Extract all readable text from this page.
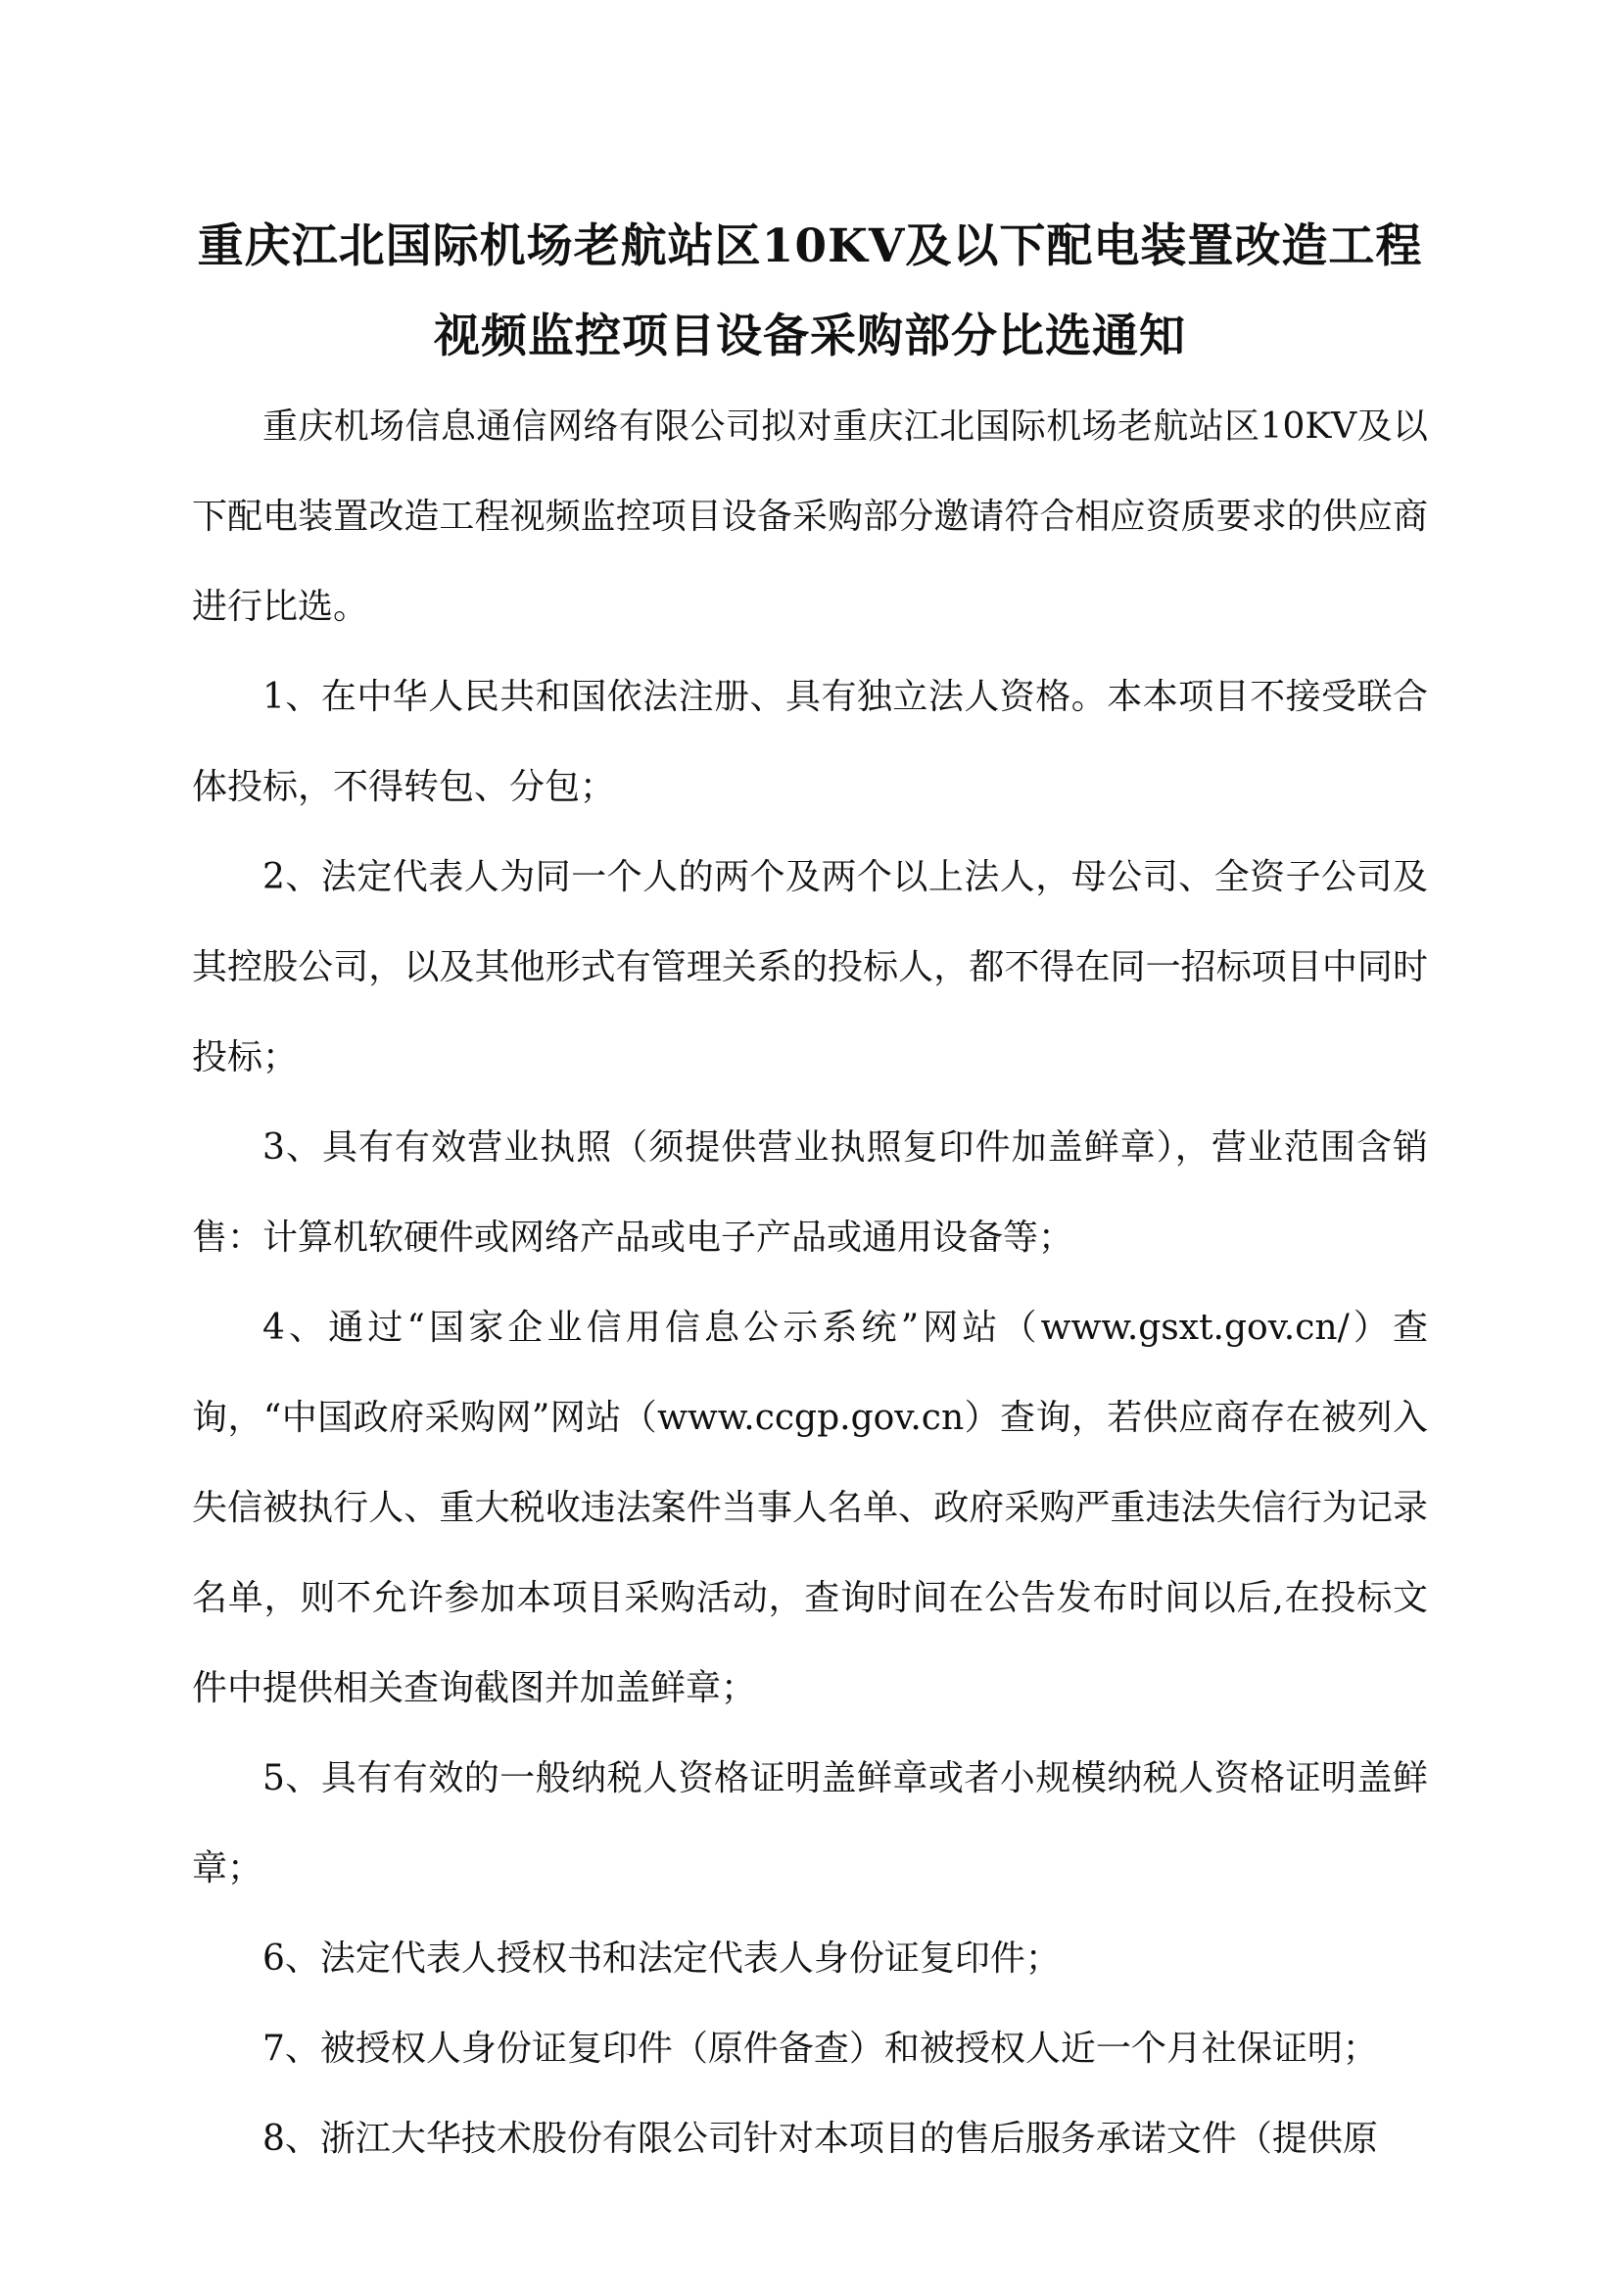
重庆江北国际机场老航站区10KV及以下配电装置改造工程
视频监控项目设备采购部分比选通知

重庆机场信息通信网络有限公司拟对重庆江北国际机场老航站区10KV及以下配电装置改造工程视频监控项目设备采购部分邀请符合相应资质要求的供应商进行比选。

1、在中华人民共和国依法注册、具有独立法人资格。本本项目不接受联合体投标，不得转包、分包；

2、法定代表人为同一个人的两个及两个以上法人，母公司、全资子公司及其控股公司，以及其他形式有管理关系的投标人，都不得在同一招标项目中同时投标；

3、具有有效营业执照（须提供营业执照复印件加盖鲜章），营业范围含销售：计算机软硬件或网络产品或电子产品或通用设备等；

4、通过“国家企业信用信息公示系统”网站（www.gsxt.gov.cn/）查询，“中国政府采购网”网站（www.ccgp.gov.cn）查询，若供应商存在被列入失信被执行人、重大税收违法案件当事人名单、政府采购严重违法失信行为记录名单，则不允许参加本项目采购活动，查询时间在公告发布时间以后,在投标文件中提供相关查询截图并加盖鲜章；

5、具有有效的一般纳税人资格证明盖鲜章或者小规模纳税人资格证明盖鲜章；

6、法定代表人授权书和法定代表人身份证复印件；

7、被授权人身份证复印件（原件备查）和被授权人近一个月社保证明；

8、浙江大华技术股份有限公司针对本项目的售后服务承诺文件（提供原
